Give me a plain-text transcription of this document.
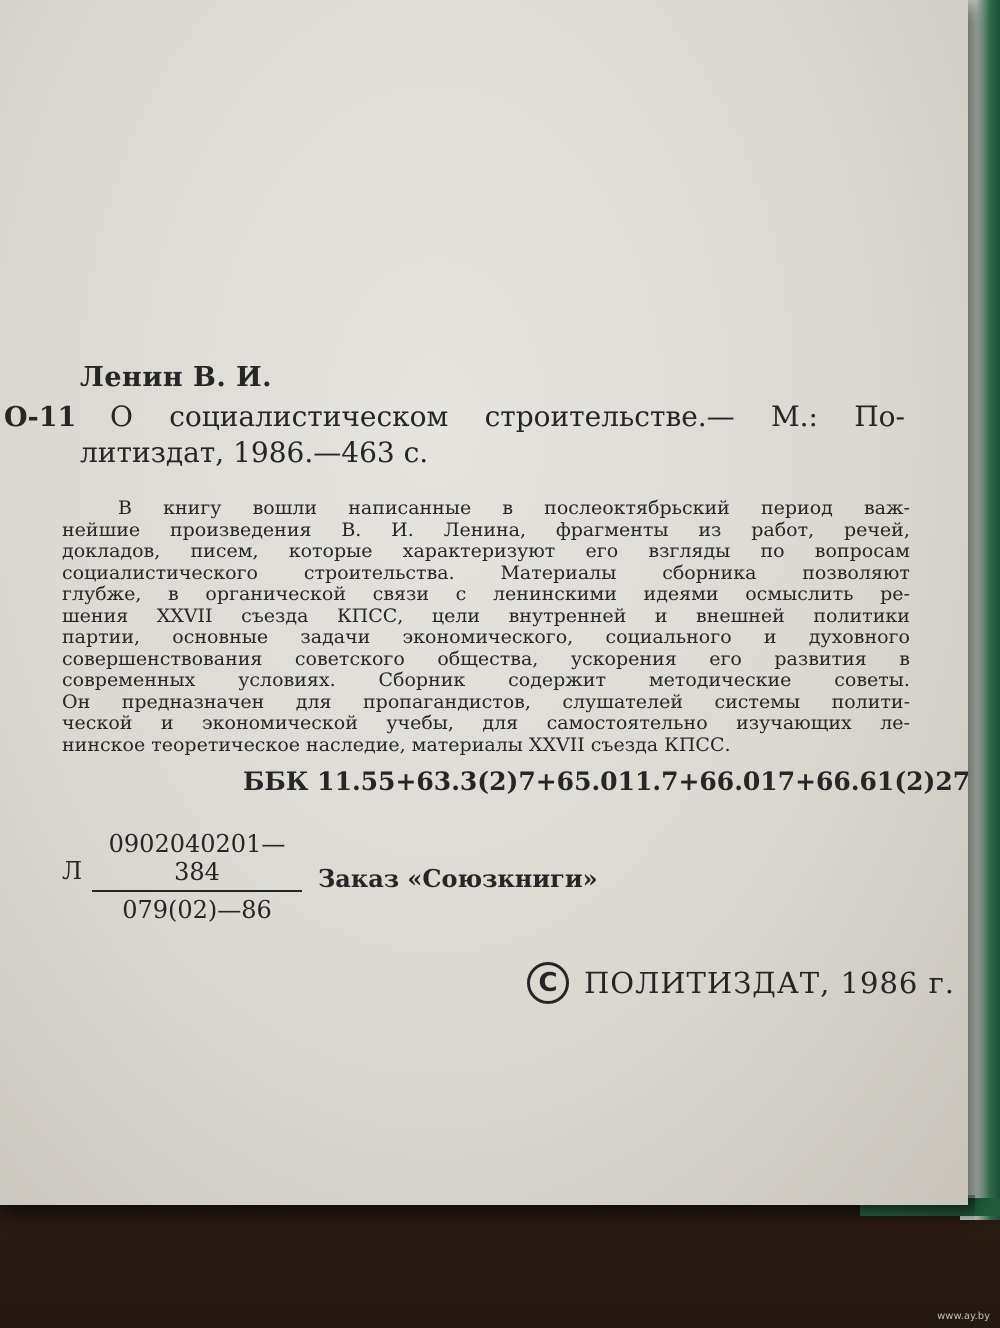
Ленин В. И.
О-11 О социалистическом строительстве.— М.: По-
литиздат, 1986.—463 с.
В книгу вошли написанные в послеоктябрьский период важ-
нейшие произведения В. И. Ленина, фрагменты из работ, речей,
докладов, писем, которые характеризуют его взгляды по вопросам
социалистического строительства. Материалы сборника позволяют
глубже, в органической связи с ленинскими идеями осмыслить ре-
шения XXVII съезда КПСС, цели внутренней и внешней политики
партии, основные задачи экономического, социального и духовного
совершенствования советского общества, ускорения его развития в
современных условиях. Сборник содержит методические советы.
Он предназначен для пропагандистов, слушателей системы полити-
ческой и экономической учебы, для самостоятельно изучающих ле-
нинское теоретическое наследие, материалы XXVII съезда КПСС.
ББК 11.55+63.3(2)7+65.011.7+66.017+66.61(2)27
Л $\frac{0902040201—384}{079(02)—86}$ Заказ «Союзкниги»
C ПОЛИТИЗДАТ, 1986 г.
www.ay.by
